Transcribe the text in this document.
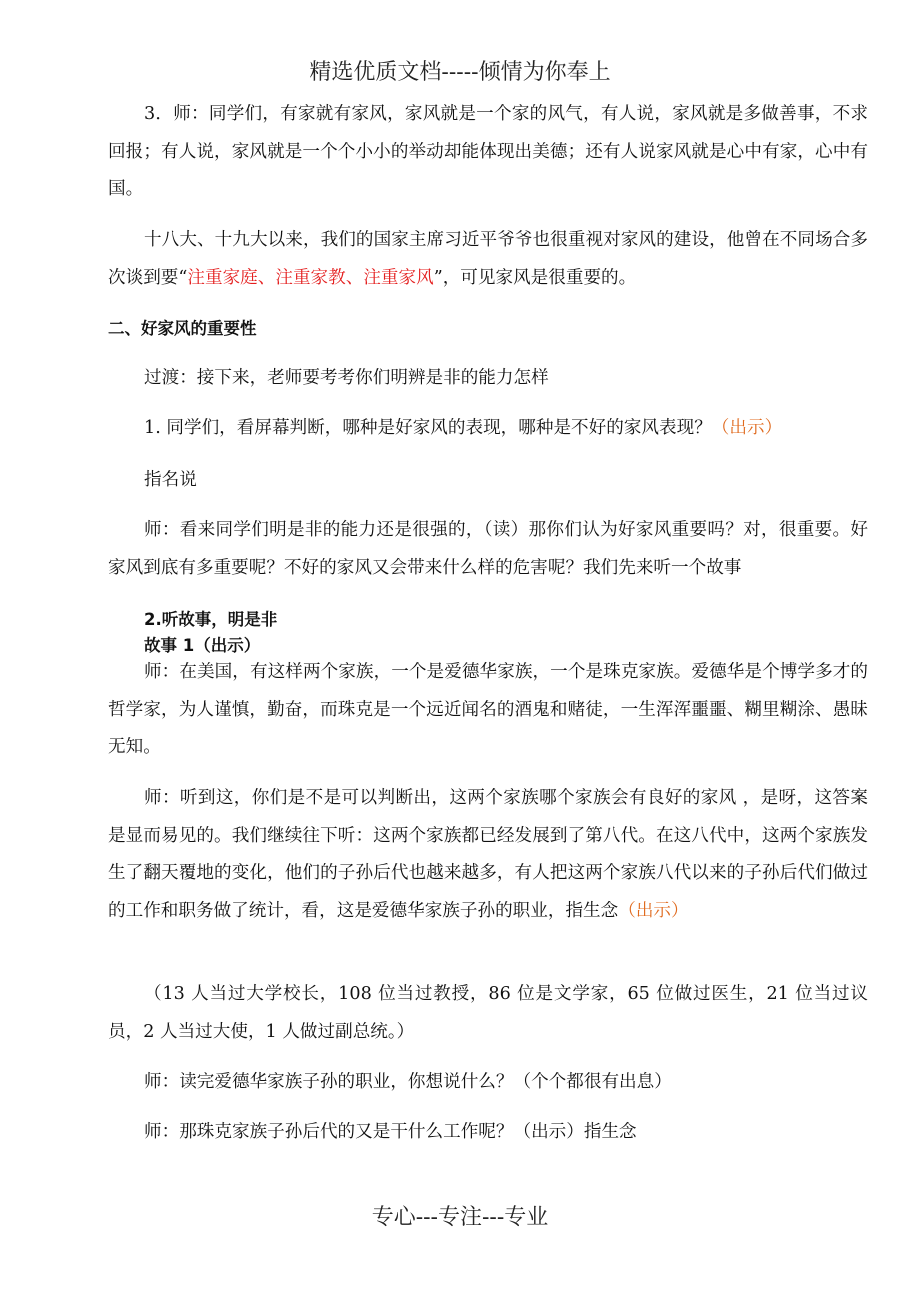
精选优质文档-----倾情为你奉上

3．师：同学们，有家就有家风，家风就是一个家的风气，有人说，家风就是多做善事，不求回报；有人说，家风就是一个个小小的举动却能体现出美德；还有人说家风就是心中有家，心中有国。

十八大、十九大以来，我们的国家主席习近平爷爷也很重视对家风的建设，他曾在不同场合多次谈到要“注重家庭、注重家教、注重家风”，可见家风是很重要的。

二、好家风的重要性

过渡：接下来，老师要考考你们明辨是非的能力怎样

1. 同学们，看屏幕判断，哪种是好家风的表现，哪种是不好的家风表现？（出示）

指名说

师：看来同学们明是非的能力还是很强的，（读）那你们认为好家风重要吗？对，很重要。好家风到底有多重要呢？不好的家风又会带来什么样的危害呢？我们先来听一个故事

2.听故事，明是非

故事 1（出示）

师：在美国，有这样两个家族，一个是爱德华家族，一个是珠克家族。爱德华是个博学多才的哲学家，为人谨慎，勤奋，而珠克是一个远近闻名的酒鬼和赌徒，一生浑浑噩噩、糊里糊涂、愚昧无知。

师：听到这，你们是不是可以判断出，这两个家族哪个家族会有良好的家风 ，是呀，这答案是显而易见的。我们继续往下听：这两个家族都已经发展到了第八代。在这八代中，这两个家族发生了翻天覆地的变化，他们的子孙后代也越来越多，有人把这两个家族八代以来的子孙后代们做过的工作和职务做了统计，看，这是爱德华家族子孙的职业，指生念（出示）

（13 人当过大学校长，108 位当过教授，86 位是文学家，65 位做过医生，21 位当过议员，2 人当过大使，1 人做过副总统。）

师：读完爱德华家族子孙的职业，你想说什么？（个个都很有出息）

师：那珠克家族子孙后代的又是干什么工作呢？（出示）指生念

专心---专注---专业
